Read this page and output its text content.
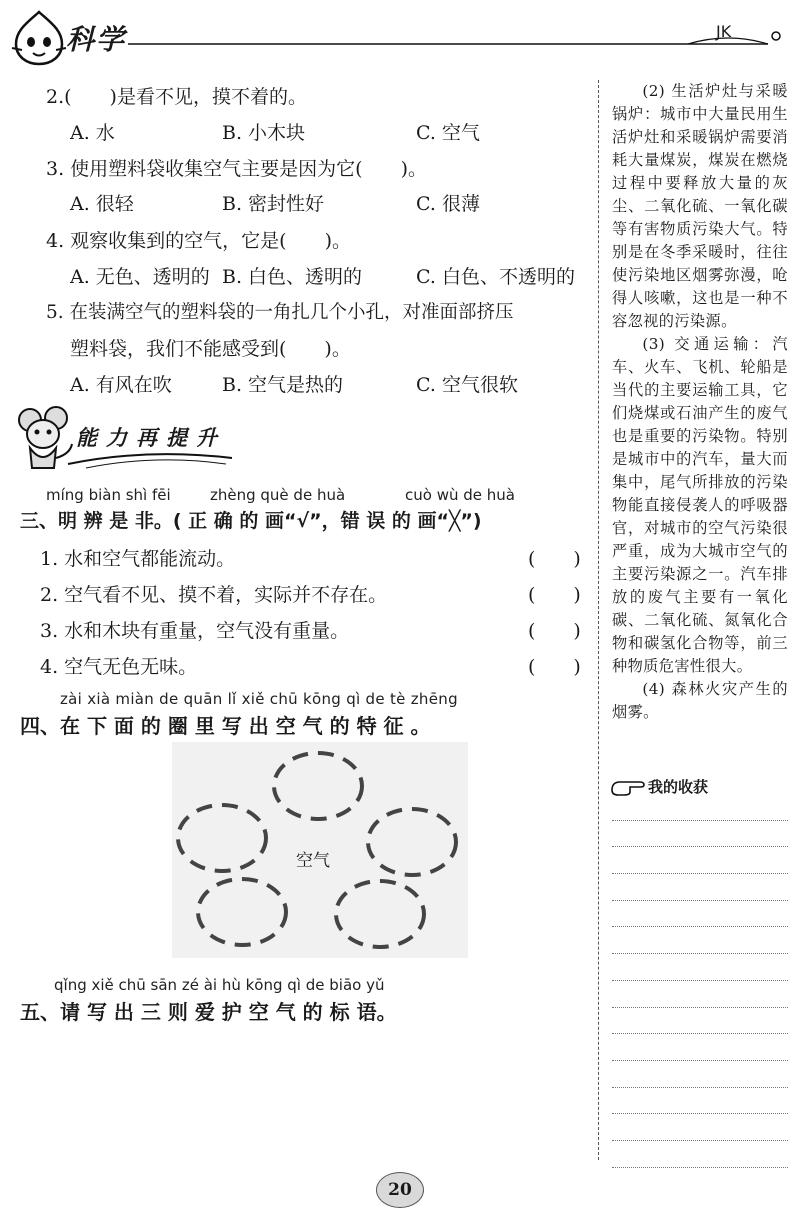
科学	JK
2.(　　)是看不见，摸不着的。
A. 水	B. 小木块	C. 空气
3. 使用塑料袋收集空气主要是因为它(　　)。
A. 很轻	B. 密封性好	C. 很薄
4. 观察收集到的空气，它是(　　)。
A. 无色、透明的 B. 白色、透明的	C. 白色、不透明的
5. 在装满空气的塑料袋的一角扎几个小孔，对准面部挤压
塑料袋，我们不能感受到(　　)。
A. 有风在吹	B. 空气是热的	C. 空气很软
能力再提升
míng biàn shì fēi	zhèng què de huà	cuò wù de huà
三、明 辨 是 非。( 正 确 的 画“√”，错 误 的 画“╳”)
1. 水和空气都能流动。	(　　)
2. 空气看不见、摸不着，实际并不存在。	(　　)
3. 水和木块有重量，空气没有重量。	(　　)
4. 空气无色无味。	(　　)
zài xià miàn de quān lǐ xiě chū kōng qì de tè zhēng
四、在 下 面 的 圈 里 写 出 空 气 的 特 征 。
空气
qǐng xiě chū sān zé ài hù kōng qì de biāo yǔ
五、请 写 出 三 则 爱 护 空 气 的 标 语。

(2) 生活炉灶与采暖锅炉：城市中大量民用生活炉灶和采暖锅炉需要消耗大量煤炭，煤炭在燃烧过程中要释放大量的灰尘、二氧化硫、一氧化碳等有害物质污染大气。特别是在冬季采暖时，往往使污染地区烟雾弥漫，呛得人咳嗽，这也是一种不容忽视的污染源。

(3) 交通运输：汽车、火车、飞机、轮船是当代的主要运输工具，它们烧煤或石油产生的废气也是重要的污染物。特别是城市中的汽车，量大而集中，尾气所排放的污染物能直接侵袭人的呼吸器官，对城市的空气污染很严重，成为大城市空气的主要污染源之一。汽车排放的废气主要有一氧化碳、二氧化硫、氮氧化合物和碳氢化合物等，前三种物质危害性很大。

(4) 森林火灾产生的烟雾。

我的收获
20
